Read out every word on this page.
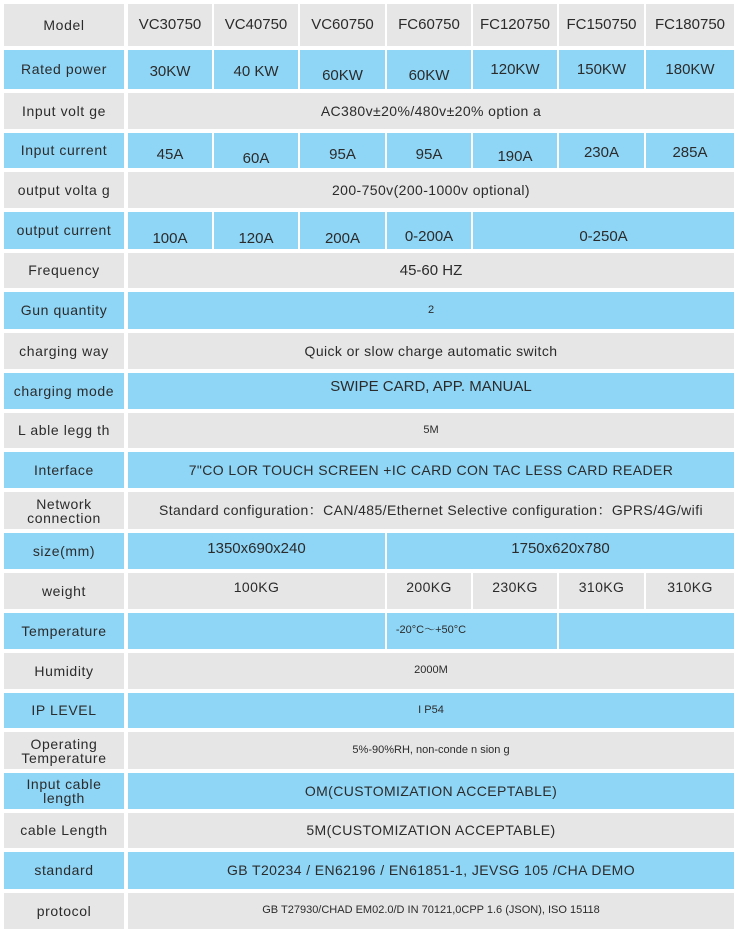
Model	VC30750	VC40750	VC60750	FC60750	FC120750	FC150750	FC180750
Rated power	30KW	40 KW	60KW	60KW	120KW	150KW	180KW
Input volt ge	AC380v±20%/480v±20% option a
Input current	45A	60A	95A	95A	190A	230A	285A
output volta g	200-750v(200-1000v optional)
output current	100A	120A	200A	0-200A	0-250A
Frequency	45-60 HZ
Gun quantity	2
charging way	Quick or slow charge automatic switch
charging mode	SWIPE CARD, APP. MANUAL
L able legg th	5M
Interface	7"CO LOR TOUCH SCREEN +IC CARD CON TAC LESS CARD READER
Network connection	Standard configuration：CAN/485/Ethernet Selective configuration：GPRS/4G/wifi
size(mm)	1350x690x240	1750x620x780
weight	100KG	200KG	230KG	310KG	310KG
Temperature	-20°C～+50°C
Humidity	2000M
IP LEVEL	I P54
Operating Temperature	5%-90%RH, non-conde n sion g
Input cable length	OM(CUSTOMIZATION ACCEPTABLE)
cable Length	5M(CUSTOMIZATION ACCEPTABLE)
standard	GB T20234 / EN62196 / EN61851-1, JEVSG 105 /CHA DEMO
protocol	GB T27930/CHAD EM02.0/D IN 70121,0CPP 1.6 (JSON), ISO 15118
